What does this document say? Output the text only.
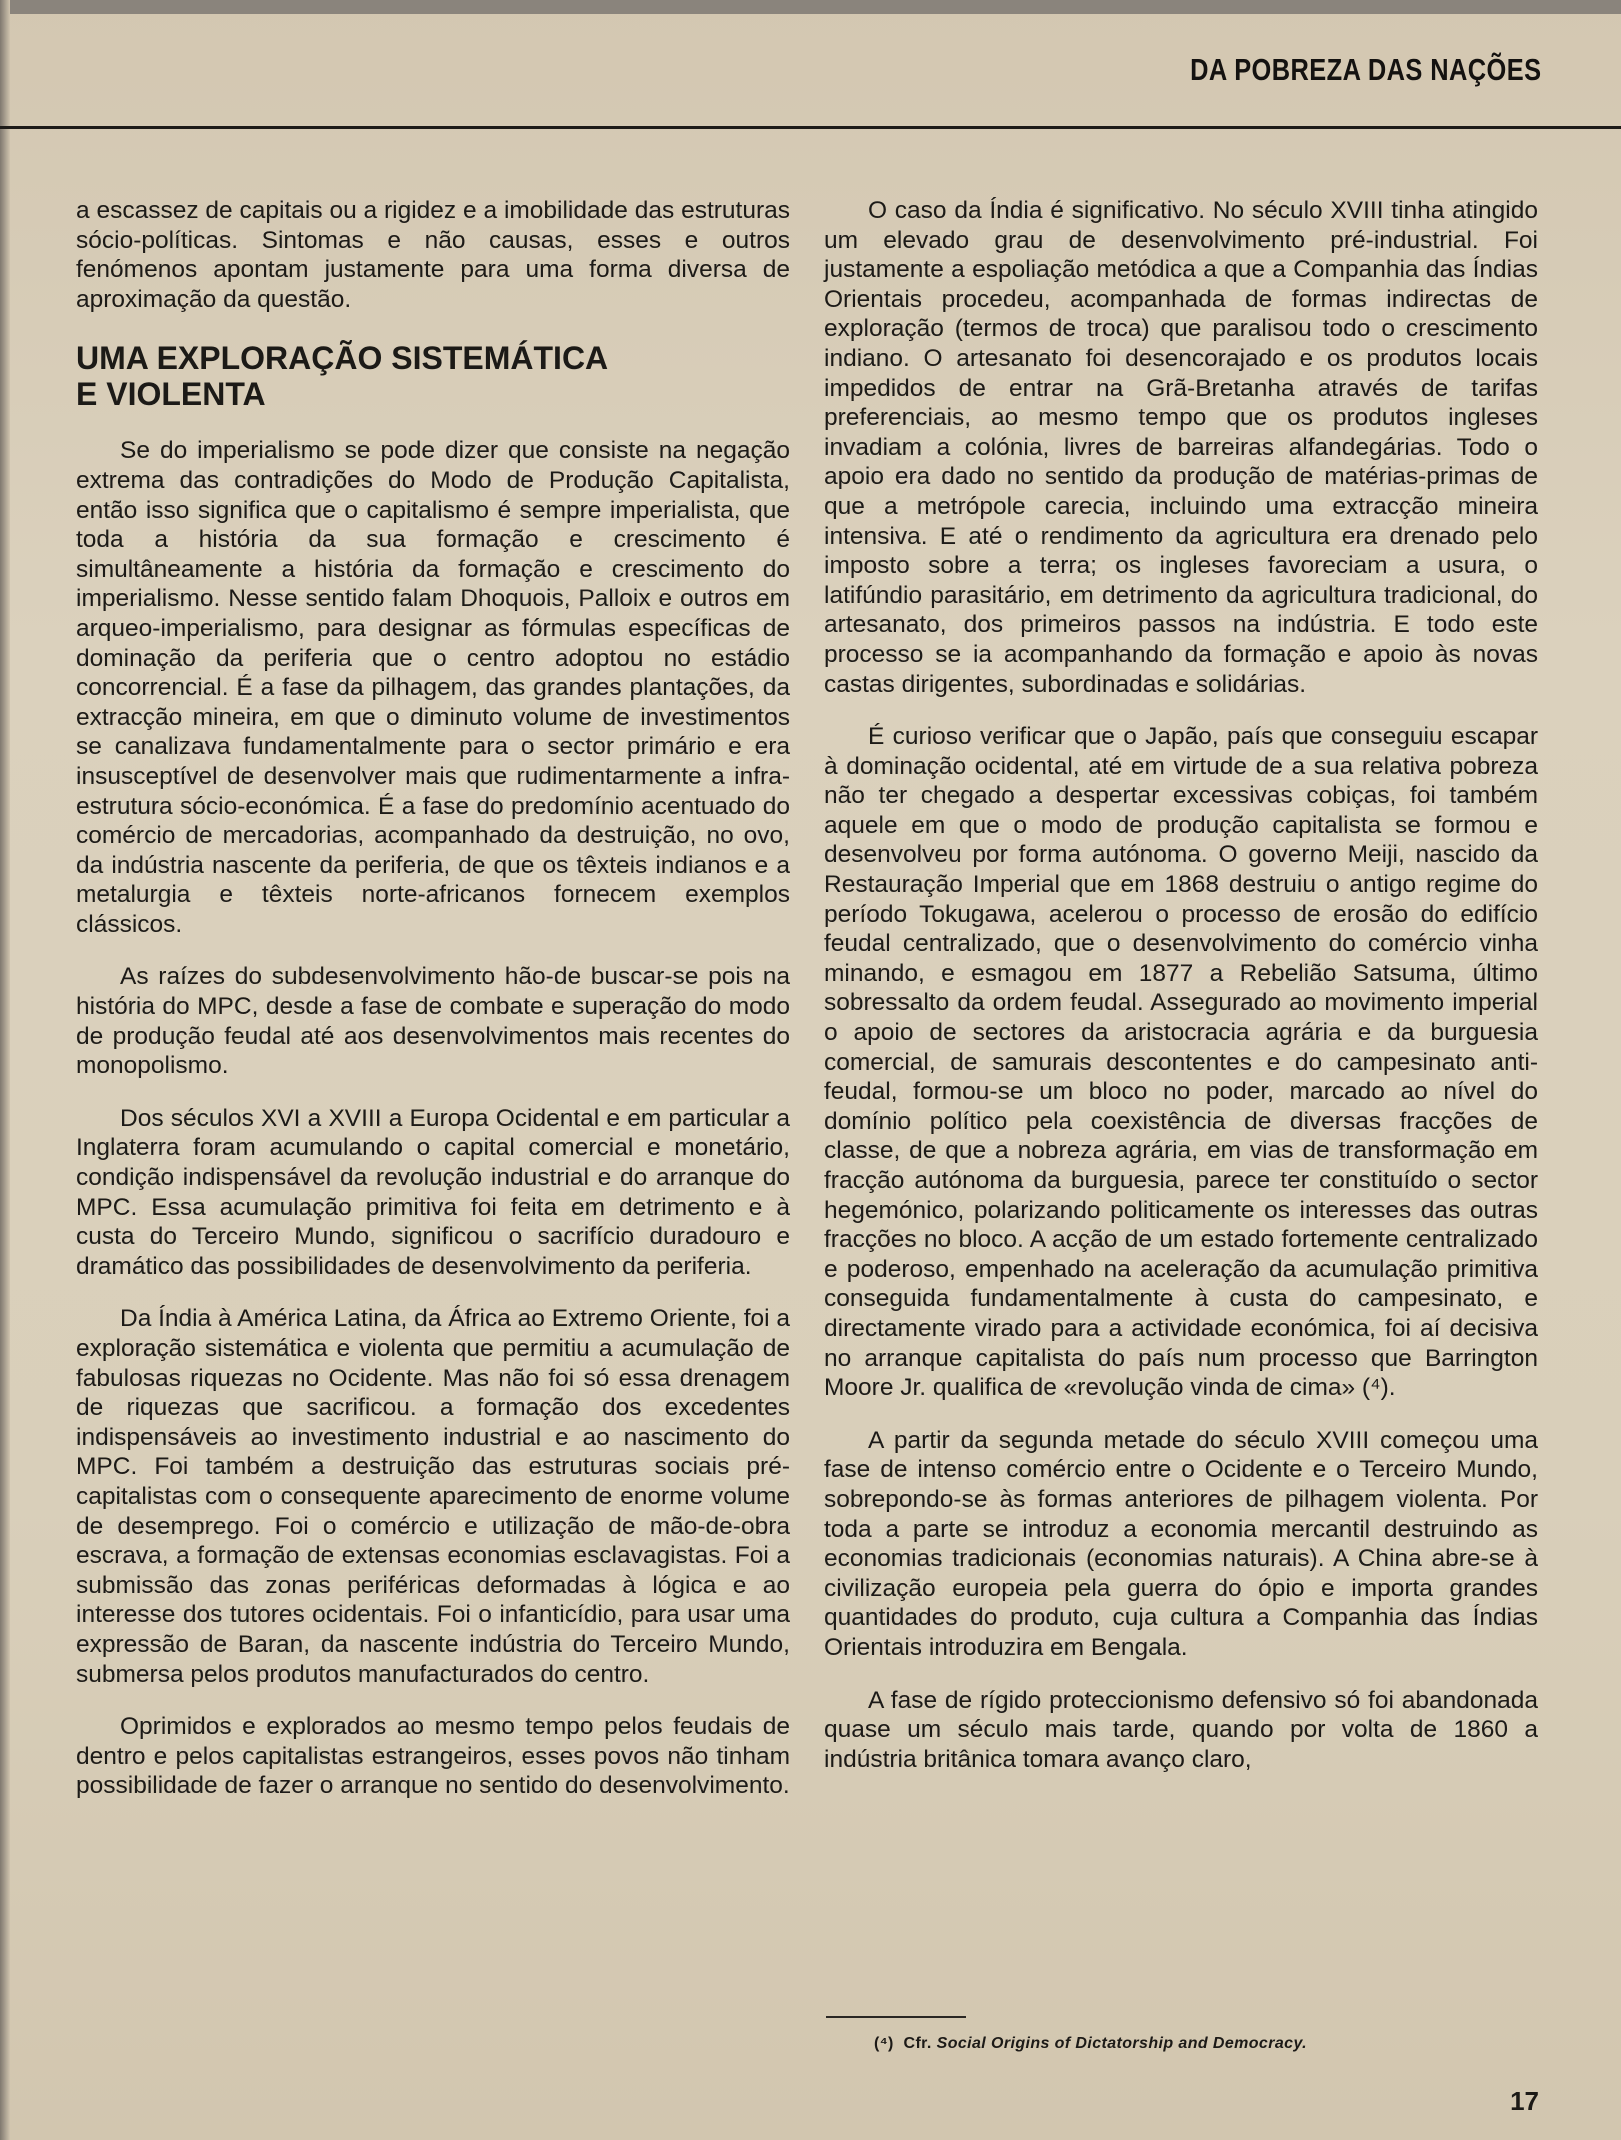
DA POBREZA DAS NAÇÕES

a escassez de capitais ou a rigidez e a imobilidade das estruturas sócio-políticas. Sintomas e não causas, esses e outros fenómenos apontam justamente para uma forma diversa de aproximação da questão.

UMA EXPLORAÇÃO SISTEMÁTICA
E VIOLENTA

Se do imperialismo se pode dizer que consiste na negação extrema das contradições do Modo de Produção Capitalista, então isso significa que o capitalismo é sempre imperialista, que toda a história da sua formação e crescimento é simultâneamente a história da formação e crescimento do imperialismo. Nesse sentido falam Dhoquois, Palloix e outros em arqueo-imperialismo, para designar as fórmulas específicas de dominação da periferia que o centro adoptou no estádio concorrencial. É a fase da pilhagem, das grandes plantações, da extracção mineira, em que o diminuto volume de investimentos se canalizava fundamentalmente para o sector primário e era insusceptível de desenvolver mais que rudimentarmente a infra-estrutura sócio-económica. É a fase do predomínio acentuado do comércio de mercadorias, acompanhado da destruição, no ovo, da indústria nascente da periferia, de que os têxteis indianos e a metalurgia e têxteis norte-africanos fornecem exemplos clássicos.

As raízes do subdesenvolvimento hão-de buscar-se pois na história do MPC, desde a fase de combate e superação do modo de produção feudal até aos desenvolvimentos mais recentes do monopolismo.

Dos séculos XVI a XVIII a Europa Ocidental e em particular a Inglaterra foram acumulando o capital comercial e monetário, condição indispensável da revolução industrial e do arranque do MPC. Essa acumulação primitiva foi feita em detrimento e à custa do Terceiro Mundo, significou o sacrifício duradouro e dramático das possibilidades de desenvolvimento da periferia.

Da Índia à América Latina, da África ao Extremo Oriente, foi a exploração sistemática e violenta que permitiu a acumulação de fabulosas riquezas no Ocidente. Mas não foi só essa drenagem de riquezas que sacrificou. a formação dos excedentes indispensáveis ao investimento industrial e ao nascimento do MPC. Foi também a destruição das estruturas sociais pré-capitalistas com o consequente aparecimento de enorme volume de desemprego. Foi o comércio e utilização de mão-de-obra escrava, a formação de extensas economias esclavagistas. Foi a submissão das zonas periféricas deformadas à lógica e ao interesse dos tutores ocidentais. Foi o infanticídio, para usar uma expressão de Baran, da nascente indústria do Terceiro Mundo, submersa pelos produtos manufacturados do centro.

Oprimidos e explorados ao mesmo tempo pelos feudais de dentro e pelos capitalistas estrangeiros, esses povos não tinham possibilidade de fazer o arranque no sentido do desenvolvimento.

O caso da Índia é significativo. No século XVIII tinha atingido um elevado grau de desenvolvimento pré-industrial. Foi justamente a espoliação metódica a que a Companhia das Índias Orientais procedeu, acompanhada de formas indirectas de exploração (termos de troca) que paralisou todo o crescimento indiano. O artesanato foi desencorajado e os produtos locais impedidos de entrar na Grã-Bretanha através de tarifas preferenciais, ao mesmo tempo que os produtos ingleses invadiam a colónia, livres de barreiras alfandegárias. Todo o apoio era dado no sentido da produção de matérias-primas de que a metrópole carecia, incluindo uma extracção mineira intensiva. E até o rendimento da agricultura era drenado pelo imposto sobre a terra; os ingleses favoreciam a usura, o latifúndio parasitário, em detrimento da agricultura tradicional, do artesanato, dos primeiros passos na indústria. E todo este processo se ia acompanhando da formação e apoio às novas castas dirigentes, subordinadas e solidárias.

É curioso verificar que o Japão, país que conseguiu escapar à dominação ocidental, até em virtude de a sua relativa pobreza não ter chegado a despertar excessivas cobiças, foi também aquele em que o modo de produção capitalista se formou e desenvolveu por forma autónoma. O governo Meiji, nascido da Restauração Imperial que em 1868 destruiu o antigo regime do período Tokugawa, acelerou o processo de erosão do edifício feudal centralizado, que o desenvolvimento do comércio vinha minando, e esmagou em 1877 a Rebelião Satsuma, último sobressalto da ordem feudal. Assegurado ao movimento imperial o apoio de sectores da aristocracia agrária e da burguesia comercial, de samurais descontentes e do campesinato anti-feudal, formou-se um bloco no poder, marcado ao nível do domínio político pela coexistência de diversas fracções de classe, de que a nobreza agrária, em vias de transformação em fracção autónoma da burguesia, parece ter constituído o sector hegemónico, polarizando politicamente os interesses das outras fracções no bloco. A acção de um estado fortemente centralizado e poderoso, empenhado na aceleração da acumulação primitiva conseguida fundamentalmente à custa do campesinato, e directamente virado para a actividade económica, foi aí decisiva no arranque capitalista do país num processo que Barrington Moore Jr. qualifica de «revolução vinda de cima» (⁴).

A partir da segunda metade do século XVIII começou uma fase de intenso comércio entre o Ocidente e o Terceiro Mundo, sobrepondo-se às formas anteriores de pilhagem violenta. Por toda a parte se introduz a economia mercantil destruindo as economias tradicionais (economias naturais). A China abre-se à civilização europeia pela guerra do ópio e importa grandes quantidades do produto, cuja cultura a Companhia das Índias Orientais introduzira em Bengala.

A fase de rígido proteccionismo defensivo só foi abandonada quase um século mais tarde, quando por volta de 1860 a indústria britânica tomara avanço claro,

(⁴) Cfr. Social Origins of Dictatorship and Democracy.
17
